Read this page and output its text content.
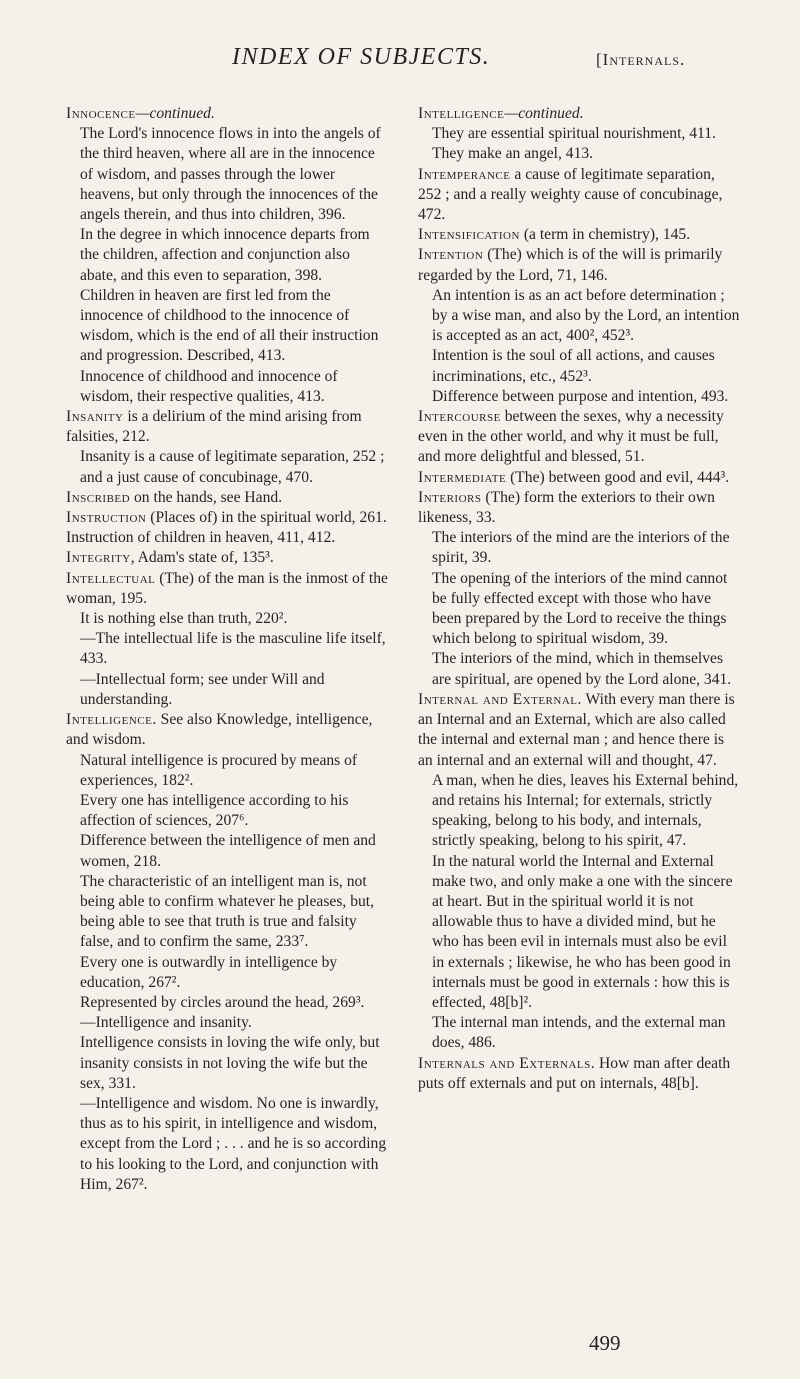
INDEX OF SUBJECTS.	[Internals.

Innocence—continued.

The Lord's innocence flows in into the angels of the third heaven, where all are in the innocence of wisdom, and passes through the lower heavens, but only through the innocences of the angels therein, and thus into children, 396.

In the degree in which innocence departs from the children, affection and conjunction also abate, and this even to separation, 398.

Children in heaven are first led from the innocence of childhood to the innocence of wisdom, which is the end of all their instruction and progression. Described, 413.

Innocence of childhood and innocence of wisdom, their respective qualities, 413.

Insanity is a delirium of the mind arising from falsities, 212.

Insanity is a cause of legitimate separation, 252 ; and a just cause of concubinage, 470.

Inscribed on the hands, see Hand.

Instruction (Places of) in the spiritual world, 261. Instruction of children in heaven, 411, 412.

Integrity, Adam's state of, 135³.

Intellectual (The) of the man is the inmost of the woman, 195.

It is nothing else than truth, 220².

—The intellectual life is the masculine life itself, 433.

—Intellectual form; see under Will and understanding.

Intelligence. See also Knowledge, intelligence, and wisdom.

Natural intelligence is procured by means of experiences, 182².

Every one has intelligence according to his affection of sciences, 207⁶.

Difference between the intelligence of men and women, 218.

The characteristic of an intelligent man is, not being able to confirm whatever he pleases, but, being able to see that truth is true and falsity false, and to confirm the same, 233⁷.

Every one is outwardly in intelligence by education, 267².

Represented by circles around the head, 269³.

—Intelligence and insanity.

Intelligence consists in loving the wife only, but insanity consists in not loving the wife but the sex, 331.

—Intelligence and wisdom. No one is inwardly, thus as to his spirit, in intelligence and wisdom, except from the Lord ; . . . and he is so according to his looking to the Lord, and conjunction with Him, 267².

Intelligence—continued.

They are essential spiritual nourishment, 411.

They make an angel, 413.

Intemperance a cause of legitimate separation, 252 ; and a really weighty cause of concubinage, 472.

Intensification (a term in chemistry), 145.

Intention (The) which is of the will is primarily regarded by the Lord, 71, 146.

An intention is as an act before determination ; by a wise man, and also by the Lord, an intention is accepted as an act, 400², 452³.

Intention is the soul of all actions, and causes incriminations, etc., 452³.

Difference between purpose and intention, 493.

Intercourse between the sexes, why a necessity even in the other world, and why it must be full, and more delightful and blessed, 51.

Intermediate (The) between good and evil, 444³.

Interiors (The) form the exteriors to their own likeness, 33.

The interiors of the mind are the interiors of the spirit, 39.

The opening of the interiors of the mind cannot be fully effected except with those who have been prepared by the Lord to receive the things which belong to spiritual wisdom, 39.

The interiors of the mind, which in themselves are spiritual, are opened by the Lord alone, 341.

Internal and External. With every man there is an Internal and an External, which are also called the internal and external man ; and hence there is an internal and an external will and thought, 47.

A man, when he dies, leaves his External behind, and retains his Internal; for externals, strictly speaking, belong to his body, and internals, strictly speaking, belong to his spirit, 47.

In the natural world the Internal and External make two, and only make a one with the sincere at heart. But in the spiritual world it is not allowable thus to have a divided mind, but he who has been evil in internals must also be evil in externals ; likewise, he who has been good in internals must be good in externals : how this is effected, 48[b]².

The internal man intends, and the external man does, 486.

Internals and Externals. How man after death puts off externals and put on internals, 48[b].

499
